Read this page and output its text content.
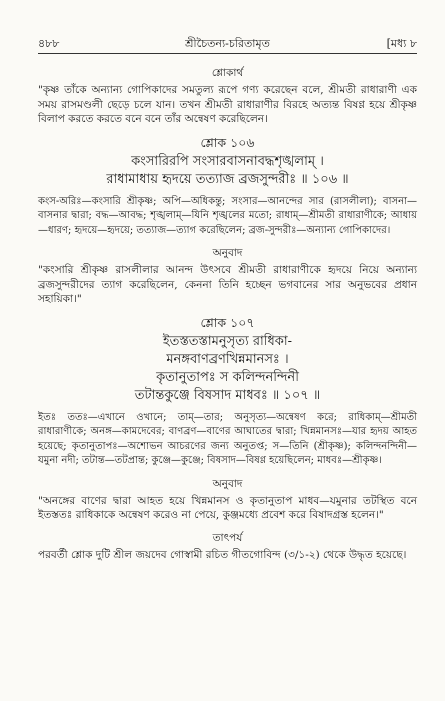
৪৮৮	শ্রীচৈতন্য-চরিতামৃত	[মধ্য ৮

শ্লোকার্থ

"কৃষ্ণ তাঁকে অন্যান্য গোপিকাদের সমতুল্য রূপে গণ্য করেছেন বলে, শ্রীমতী রাধারাণী এক সময় রাসমণ্ডলী ছেড়ে চলে যান। তখন শ্রীমতী রাধারাণীর বিরহে অত্যন্ত বিষণ্ণ হয়ে শ্রীকৃষ্ণ বিলাপ করতে করতে বনে বনে তাঁর অন্বেষণ করেছিলেন।

শ্লোক ১০৬

কংসারিরপি সংসারবাসনাবদ্ধশৃঙ্খলাম্ ।

রাধামাধায় হৃদয়ে তত্যাজ ব্রজসুন্দরীঃ ॥ ১০৬ ॥

কংস-অরিঃ—কংসারি শ্রীকৃষ্ণ; অপি—অধিকন্তু; সংসার—আনন্দের সার (রাসলীলা); বাসনা—বাসনার দ্বারা; বদ্ধ—আবদ্ধ; শৃঙ্খলাম্—যিনি শৃঙ্খলের মতো; রাধাম্—শ্রীমতী রাধারাণীকে; আধায়—ধারণ; হৃদয়ে—হৃদয়ে; তত্যাজ—ত্যাগ করেছিলেন; ব্রজ-সুন্দরীঃ—অন্যান্য গোপিকাদের।

অনুবাদ

"কংসারি শ্রীকৃষ্ণ রাসলীলার আনন্দ উৎসবে শ্রীমতী রাধারাণীকে হৃদয়ে নিয়ে অন্যান্য ব্রজসুন্দরীদের ত্যাগ করেছিলেন, কেননা তিনি হচ্ছেন ভগবানের সার অনুভবের প্রধান সহায়িকা।"

শ্লোক ১০৭

ইতস্ততস্তামনুসৃত্য রাধিকা-

মনঙ্গবাণব্রণখিন্নমানসঃ ।

কৃতানুতাপঃ স কলিন্দনন্দিনী

তটান্তকুঞ্জে বিষসাদ মাধবঃ ॥ ১০৭ ॥

ইতঃ ততঃ—এখানে ওখানে; তাম্—তার; অনুসৃত্য—অন্বেষণ করে; রাধিকাম্—শ্রীমতী রাধারাণীকে; অনঙ্গ—কামদেবের; বাণব্রণ—বাণের আঘাতের দ্বারা; খিন্নমানসঃ—যার হৃদয় আহত হয়েছে; কৃতানুতাপঃ—অশোভন আচরণের জন্য অনুতপ্ত; স—তিনি (শ্রীকৃষ্ণ); কলিন্দনন্দিনী—যমুনা নদী; তটান্ত—তটপ্রান্ত; কুঞ্জে—কুঞ্জে; বিষসাদ—বিষণ্ণ হয়েছিলেন; মাধবঃ—শ্রীকৃষ্ণ।

অনুবাদ

"অনঙ্গের বাণের দ্বারা আহত হয়ে খিন্নমানস ও কৃতানুতাপ মাধব—যমুনার তটস্থিত বনে ইতস্ততঃ রাধিকাকে অন্বেষণ করেও না পেয়ে, কুঞ্জমধ্যে প্রবেশ করে বিষাদগ্রস্ত হলেন।"

তাৎপর্য

পরবর্তী শ্লোক দুটি শ্রীল জয়দেব গোস্বামী রচিত গীতগোবিন্দ (৩/১-২) থেকে উদ্ধৃত হয়েছে।
